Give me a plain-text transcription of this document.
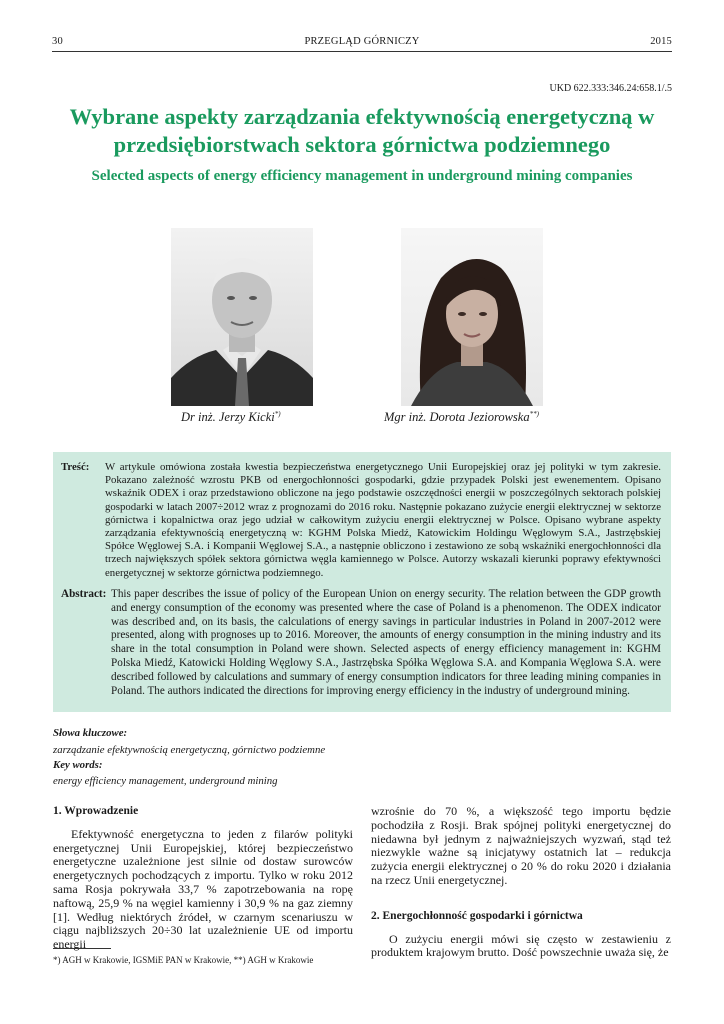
30	PRZEGLĄD GÓRNICZY	2015
UKD 622.333:346.24:658.1/.5
Wybrane aspekty zarządzania efektywnością energetyczną w przedsiębiorstwach sektora górnictwa podziemnego
Selected aspects of energy efficiency management in underground mining companies
Dr inż. Jerzy Kicki*)	Mgr inż. Dorota Jeziorowska**)
Treść: W artykule omówiona została kwestia bezpieczeństwa energetycznego Unii Europejskiej oraz jej polityki w tym zakresie. Pokazano zależność wzrostu PKB od energochłonności gospodarki, gdzie przypadek Polski jest ewenementem. Opisano wskaźnik ODEX i oraz przedstawiono obliczone na jego podstawie oszczędności energii w poszczególnych sektorach polskiej gospodarki w latach 2007÷2012 wraz z prognozami do 2016 roku. Następnie pokazano zużycie energii elektrycznej w sektorze górnictwa i kopalnictwa oraz jego udział w całkowitym zużyciu energii elektrycznej w Polsce. Opisano wybrane aspekty zarządzania efektywnością energetyczną w: KGHM Polska Miedź, Katowickim Holdingu Węglowym S.A., Jastrzębskiej Spółce Węglowej S.A. i Kompanii Węglowej S.A., a następnie obliczono i zestawiono ze sobą wskaźniki energochłonności dla trzech największych spółek sektora górnictwa węgla kamiennego w Polsce. Autorzy wskazali kierunki poprawy efektywności energetycznej w sektorze górnictwa podziemnego.
Abstract: This paper describes the issue of policy of the European Union on energy security. The relation between the GDP growth and energy consumption of the economy was presented where the case of Poland is a phenomenon. The ODEX indicator was described and, on its basis, the calculations of energy savings in particular industries in Poland in 2007-2012 were presented, along with prognoses up to 2016. Moreover, the amounts of energy consumption in the mining industry and its share in the total consumption in Poland were shown. Selected aspects of energy efficiency management in: KGHM Polska Miedź, Katowicki Holding Węglowy S.A., Jastrzębska Spółka Węglowa S.A. and Kompania Węglowa S.A. were described followed by calculations and summary of energy consumption indicators for three leading mining companies in Poland. The authors indicated the directions for improving energy efficiency in the industry of underground mining.
Słowa kluczowe:
zarządzanie efektywnością energetyczną, górnictwo podziemne
Key words:
energy efficiency management, underground mining
1. Wprowadzenie

Efektywność energetyczna to jeden z filarów polityki energetycznej Unii Europejskiej, której bezpieczeństwo energetyczne uzależnione jest silnie od dostaw surowców energetycznych pochodzących z importu. Tylko w roku 2012 sama Rosja pokrywała 33,7 % zapotrzebowania na ropę naftową, 25,9 % na węgiel kamienny i 30,9 % na gaz ziemny [1]. Według niektórych źródeł, w czarnym scenariuszu w ciągu najbliższych 20÷30 lat uzależnienie UE od importu energii

wzrośnie do 70 %, a większość tego importu będzie pochodziła z Rosji. Brak spójnej polityki energetycznej do niedawna był jednym z najważniejszych wyzwań, stąd też niezwykle ważne są inicjatywy ostatnich lat – redukcja zużycia energii elektrycznej o 20 % do roku 2020 i działania na rzecz Unii energetycznej.

2. Energochłonność gospodarki i górnictwa

O zużyciu energii mówi się często w zestawieniu z produktem krajowym brutto. Dość powszechnie uważa się, że

*) AGH w Krakowie, IGSMiE PAN w Krakowie, **) AGH w Krakowie
